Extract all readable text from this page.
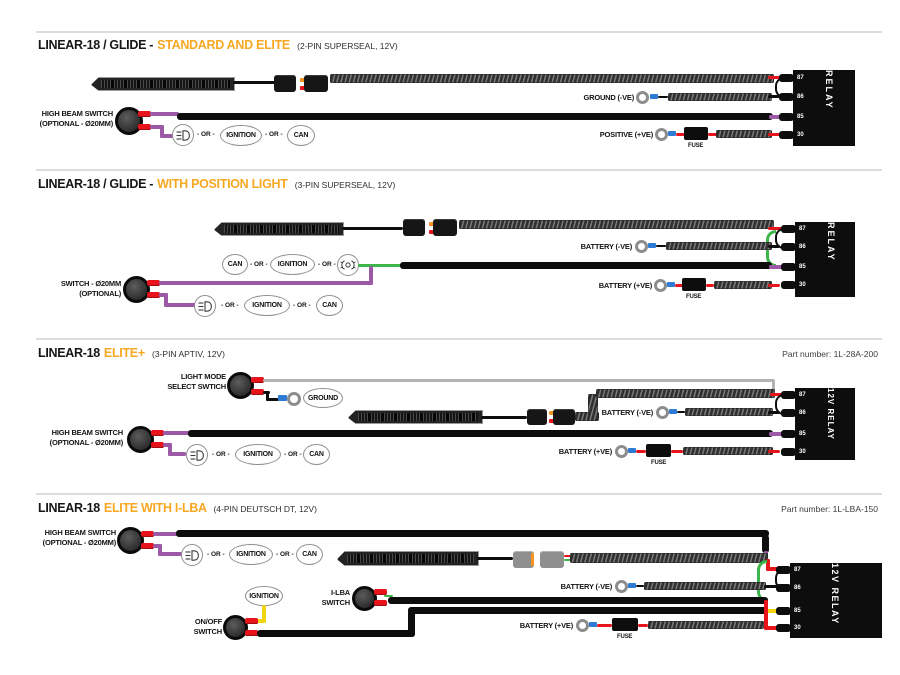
LINEAR-18 / GLIDE - STANDARD AND ELITE (2-PIN SUPERSEAL, 12V)
GROUND (-VE)
HIGH BEAM SWITCH
(OPTIONAL - Ø20MM)
- OR -	IGNITION	- OR -	CAN	POSITIVE (+VE)
FUSE
87
86
85
30
RELAY
LINEAR-18 / GLIDE - WITH POSITION LIGHT (3-PIN SUPERSEAL, 12V)
CAN	- OR -	IGNITION	- OR -
SWITCH - Ø20MM
(OPTIONAL)
- OR -	IGNITION	- OR -	CAN
BATTERY (-VE)
BATTERY (+VE)
FUSE
87
86
85
30
RELAY
LINEAR-18 ELITE+ (3-PIN APTIV, 12V)	Part number: 1L-28A-200
LIGHT MODE
SELECT SWTICH
GROUND
HIGH BEAM SWITCH
(OPTIONAL - Ø20MM)
- OR -	IGNITION	- OR -	CAN
BATTERY (-VE)
BATTERY (+VE)
FUSE
87
86
85
30
12V RELAY
LINEAR-18 ELITE WITH I-LBA (4-PIN DEUTSCH DT, 12V)	Part number: 1L-LBA-150
HIGH BEAM SWITCH
(OPTIONAL - Ø20MM)
- OR -	IGNITION	- OR -	CAN
IGNITION	I-LBA
SWITCH
ON/OFF
SWITCH
BATTERY (-VE)
BATTERY (+VE)
FUSE
87
86
85
30
12V RELAY
